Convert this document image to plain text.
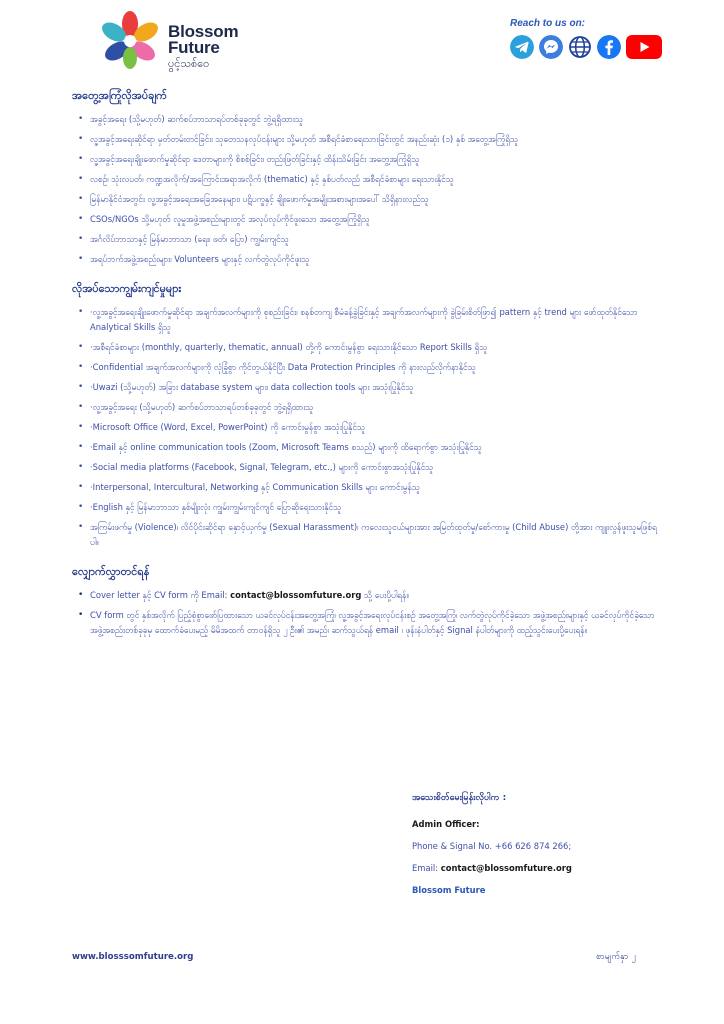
Blossom
Future
ပွင့်သစ်ဝေ
Reach to us on:
အတွေ့အကြုံလိုအပ်ချက်
• အခွင့်အရေး (သို့မဟုတ်) ဆက်စပ်ဘာသာရပ်တစ်ခုခုတွင် ဘွဲ့ရရှိထားသူ
• လူ့အခွင့်အရေးဆိုင်ရာ မှတ်တမ်းတင်ခြင်း၊ သုတေသနလုပ်ငန်းများ သို့မဟုတ် အစီရင်ခံစာရေးသားခြင်းတွင် အနည်းဆုံး (၁) နှစ် အတွေ့အကြုံရှိသူ
• လူ့အခွင့်အရေးချိုးဖောက်မှုဆိုင်ရာ ဒေတာများကို စိစစ်ခြင်း၊ တည်းဖြတ်ခြင်းနှင့် ထိန်းသိမ်းခြင်း အတွေ့အကြုံရှိသူ
• လစဉ်၊ သုံးလပတ်၊ ကဏ္ဍအလိုက်/အကြောင်းအရာအလိုက် (thematic) နှင့် နှစ်ပတ်လည် အစီရင်ခံစာများ ရေးသားနိုင်သူ
• မြန်မာနိုင်ငံအတွင်း လူ့အခွင့်အရေးအခြေအနေများ၊ ပဋိပက္ခနှင့် ချိုးဖောက်မှုအမျိုးအစားများအပေါ် သိရှိနားလည်သူ
• CSOs/NGOs သို့မဟုတ် လူမှုအဖွဲ့အစည်းများတွင် အလုပ်လုပ်ကိုင်ဖူးသော အတွေ့အကြုံရှိသူ
• အင်္ဂလိပ်ဘာသာနှင့် မြန်မာဘာသာ (ရေး၊ ဖတ်၊ ပြော) ကျွမ်းကျင်သူ
• အရပ်ဘက်အဖွဲ့အစည်းများ၊ Volunteers များနှင့် လက်တွဲလုပ်ကိုင်ဖူးသူ
လိုအပ်သောကျွမ်းကျင်မှုများ
• ·လူ့အခွင့်အရေးချိုးဖောက်မှုဆိုင်ရာ အချက်အလက်များကို စုစည်းခြင်း၊ စနစ်တကျ စီမံခန့်ခွဲခြင်းနှင့် အချက်အလက်များကို ခွဲခြမ်းစိတ်ဖြာ၍ pattern နှင့် trend များ ဖော်ထုတ်နိုင်သော Analytical Skills ရှိသူ
• ·အစီရင်ခံစာများ (monthly, quarterly, thematic, annual) တို့ကို ကောင်းမွန်စွာ ရေးသားနိုင်သော Report Skills ရှိသူ
• ·Confidential အချက်အလက်များကို လုံခြုံစွာ ကိုင်တွယ်နိုင်ပြီး Data Protection Principles ကို နားလည်လိုက်နာနိုင်သူ
• ·Uwazi (သို့မဟုတ်) အခြား database system များ၊ data collection tools များ အသုံးပြုနိုင်သူ
• ·လူ့အခွင့်အရေး (သို့မဟုတ်) ဆက်စပ်ဘာသာရပ်တစ်ခုခုတွင် ဘွဲ့ရရှိထားသူ
• ·Microsoft Office (Word, Excel, PowerPoint) ကို ကောင်းမွန်စွာ အသုံးပြုနိုင်သူ
• ·Email နှင့် online communication tools (Zoom, Microsoft Teams စသည်) များကို ထိရောက်စွာ အသုံးပြုနိုင်သူ
• ·Social media platforms (Facebook, Signal, Telegram, etc.,) များကို ကောင်းစွာအသုံးပြုနိုင်သူ
• ·Interpersonal, Intercultural, Networking နှင့် Communication Skills များ ကောင်းမွန်သူ
• ·English နှင့် မြန်မာဘာသာ နှစ်မျိုးလုံး ကျွမ်းကျွမ်းကျင်ကျင် ပြောဆိုရေးသားနိုင်သူ
• အကြမ်းဖက်မှု (Violence)၊ လိင်ပိုင်းဆိုင်ရာ နှောင့်ယှက်မှု (Sexual Harassment)၊ ကလေးသူငယ်များအား အမြတ်ထုတ်မှု/စော်ကားမှု (Child Abuse) တို့အား ကျူးလွန်ဖူးသူမဖြစ်ရပါ။
လျှောက်လွှာတင်ရန်
• Cover letter နှင့် CV form ကို Email: contact@blossomfuture.org သို့ ပေးပို့ပါရန်။
• CV form တွင် နှစ်အလိုက် ပြည့်စုံစွာဖော်ပြထားသော ယခင်လုပ်ငန်းအတွေ့အကြုံ၊ လူ့အခွင့်အရေးလုပ်ငန်းစဉ် အတွေ့အကြုံ၊ လက်တွဲလုပ်ကိုင်ခဲ့သော အဖွဲ့အစည်းများနှင့် ယခင်လုပ်ကိုင်ခဲ့သော အဖွဲ့အစည်းတစ်ခုခုမှ ထောက်ခံပေးမည့် မိမိအထက် တာဝန်ရှိသူ ၂ ဦး၏ အမည်၊ ဆက်သွယ်ရန် email ၊ ဖုန်းနံပါတ်နှင့် Signal နံပါတ်များကို ထည့်သွင်းပေးပို့ပေးရန်။
အသေးစိတ်မေးမြန်းလိုပါက :
Admin Officer:
Phone & Signal No. +66 626 874 266;
Email: contact@blossomfuture.org
Blossom Future
www.blosssomfuture.org	စာမျက်နှာ ၂
